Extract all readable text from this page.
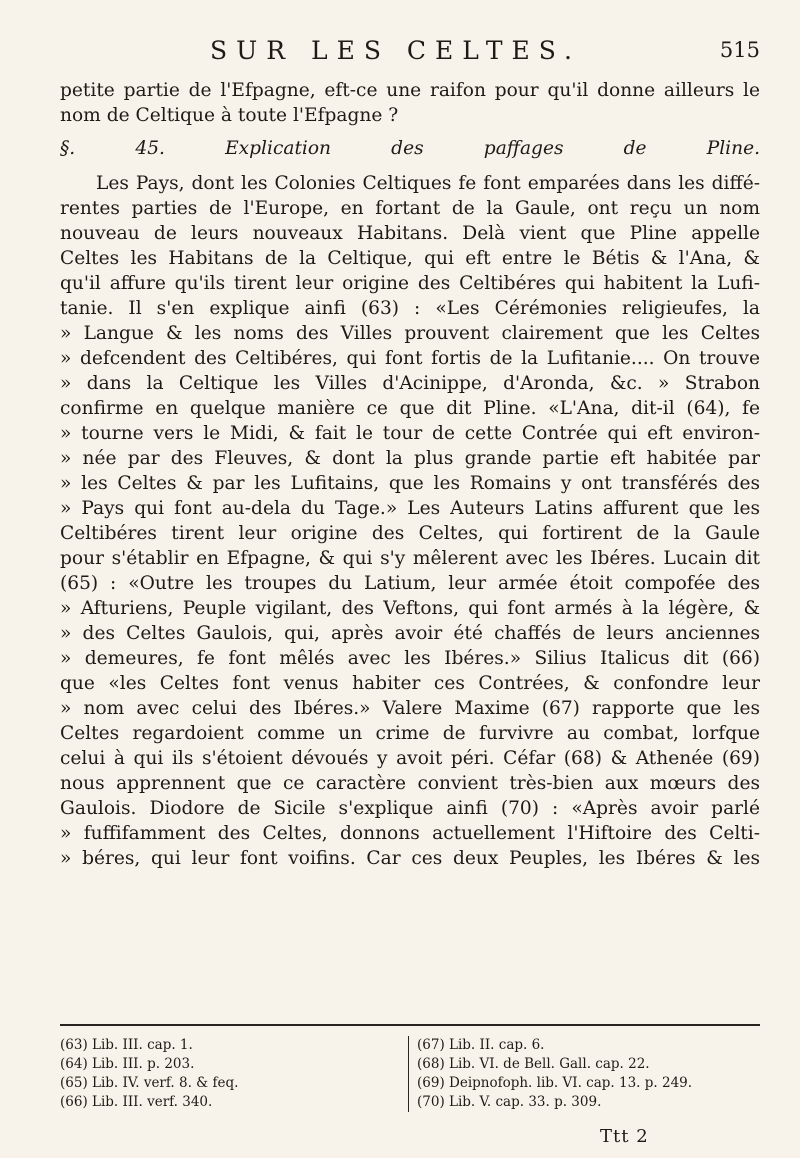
SUR LES CELTES.	515
petite partie de l'Efpagne, eft-ce une raifon pour qu'il donne ailleurs le
nom de Celtique à toute l'Efpagne ?
§. 45. Explication des paffages de Pline.
Les Pays, dont les Colonies Celtiques fe font emparées dans les diffé-
rentes parties de l'Europe, en fortant de la Gaule, ont reçu un nom
nouveau de leurs nouveaux Habitans. Delà vient que Pline appelle
Celtes les Habitans de la Celtique, qui eft entre le Bétis & l'Ana, &
qu'il affure qu'ils tirent leur origine des Celtibéres qui habitent la Lufi-
tanie. Il s'en explique ainfi (63) : «Les Cérémonies religieufes, la
» Langue & les noms des Villes prouvent clairement que les Celtes
» defcendent des Celtibéres, qui font fortis de la Lufitanie.... On trouve
» dans la Celtique les Villes d'Acinippe, d'Aronda, &c. » Strabon
confirme en quelque manière ce que dit Pline. «L'Ana, dit-il (64), fe
» tourne vers le Midi, & fait le tour de cette Contrée qui eft environ-
» née par des Fleuves, & dont la plus grande partie eft habitée par
» les Celtes & par les Lufitains, que les Romains y ont transférés des
» Pays qui font au-dela du Tage.» Les Auteurs Latins affurent que les
Celtibéres tirent leur origine des Celtes, qui fortirent de la Gaule
pour s'établir en Efpagne, & qui s'y mêlerent avec les Ibéres. Lucain dit
(65) : «Outre les troupes du Latium, leur armée étoit compofée des
» Afturiens, Peuple vigilant, des Veftons, qui font armés à la légère, &
» des Celtes Gaulois, qui, après avoir été chaffés de leurs anciennes
» demeures, fe font mêlés avec les Ibéres.» Silius Italicus dit (66)
que «les Celtes font venus habiter ces Contrées, & confondre leur
» nom avec celui des Ibéres.» Valere Maxime (67) rapporte que les
Celtes regardoient comme un crime de furvivre au combat, lorfque
celui à qui ils s'étoient dévoués y avoit péri. Céfar (68) & Athenée (69)
nous apprennent que ce caractère convient très-bien aux mœurs des
Gaulois. Diodore de Sicile s'explique ainfi (70) : «Après avoir parlé
» fuffifamment des Celtes, donnons actuellement l'Hiftoire des Celti-
» béres, qui leur font voifins. Car ces deux Peuples, les Ibéres & les
(63) Lib. III. cap. 1.
(64) Lib. III. p. 203.
(65) Lib. IV. verf. 8. & feq.
(66) Lib. III. verf. 340.
(67) Lib. II. cap. 6.
(68) Lib. VI. de Bell. Gall. cap. 22.
(69) Deipnofoph. lib. VI. cap. 13. p. 249.
(70) Lib. V. cap. 33. p. 309.
Ttt 2
